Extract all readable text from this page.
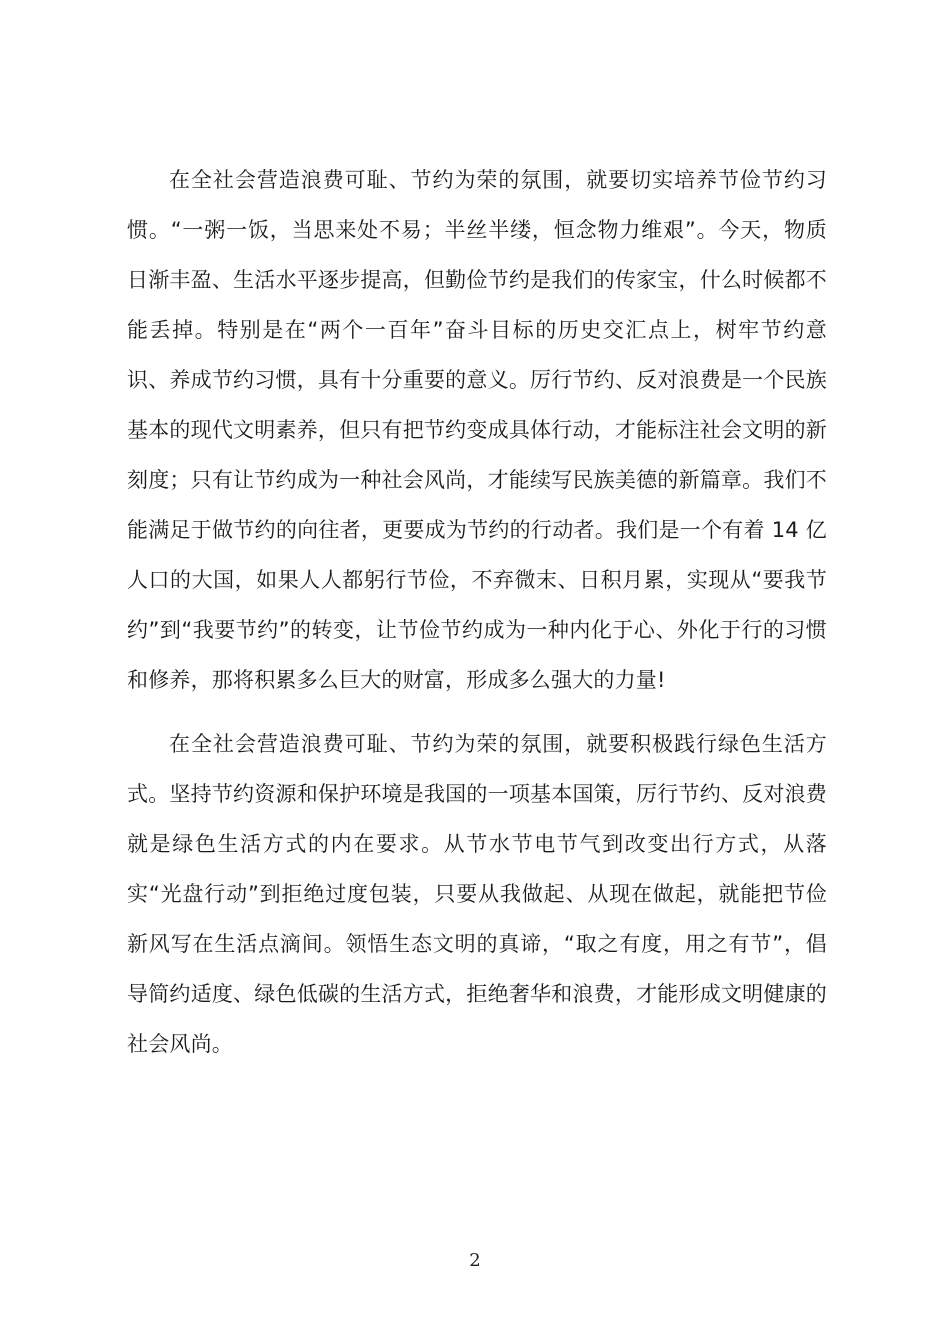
在全社会营造浪费可耻、节约为荣的氛围，就要切实培养节俭节约习惯。“一粥一饭，当思来处不易；半丝半缕，恒念物力维艰”。今天，物质日渐丰盈、生活水平逐步提高，但勤俭节约是我们的传家宝，什么时候都不能丢掉。特别是在“两个一百年”奋斗目标的历史交汇点上，树牢节约意识、养成节约习惯，具有十分重要的意义。厉行节约、反对浪费是一个民族基本的现代文明素养，但只有把节约变成具体行动，才能标注社会文明的新刻度；只有让节约成为一种社会风尚，才能续写民族美德的新篇章。我们不能满足于做节约的向往者，更要成为节约的行动者。我们是一个有着 14 亿人口的大国，如果人人都躬行节俭，不弃微末、日积月累，实现从“要我节约”到“我要节约”的转变，让节俭节约成为一种内化于心、外化于行的习惯和修养，那将积累多么巨大的财富，形成多么强大的力量!

在全社会营造浪费可耻、节约为荣的氛围，就要积极践行绿色生活方式。坚持节约资源和保护环境是我国的一项基本国策，厉行节约、反对浪费就是绿色生活方式的内在要求。从节水节电节气到改变出行方式，从落实“光盘行动”到拒绝过度包装，只要从我做起、从现在做起，就能把节俭新风写在生活点滴间。领悟生态文明的真谛，“取之有度，用之有节”，倡导简约适度、绿色低碳的生活方式，拒绝奢华和浪费，才能形成文明健康的社会风尚。

2
